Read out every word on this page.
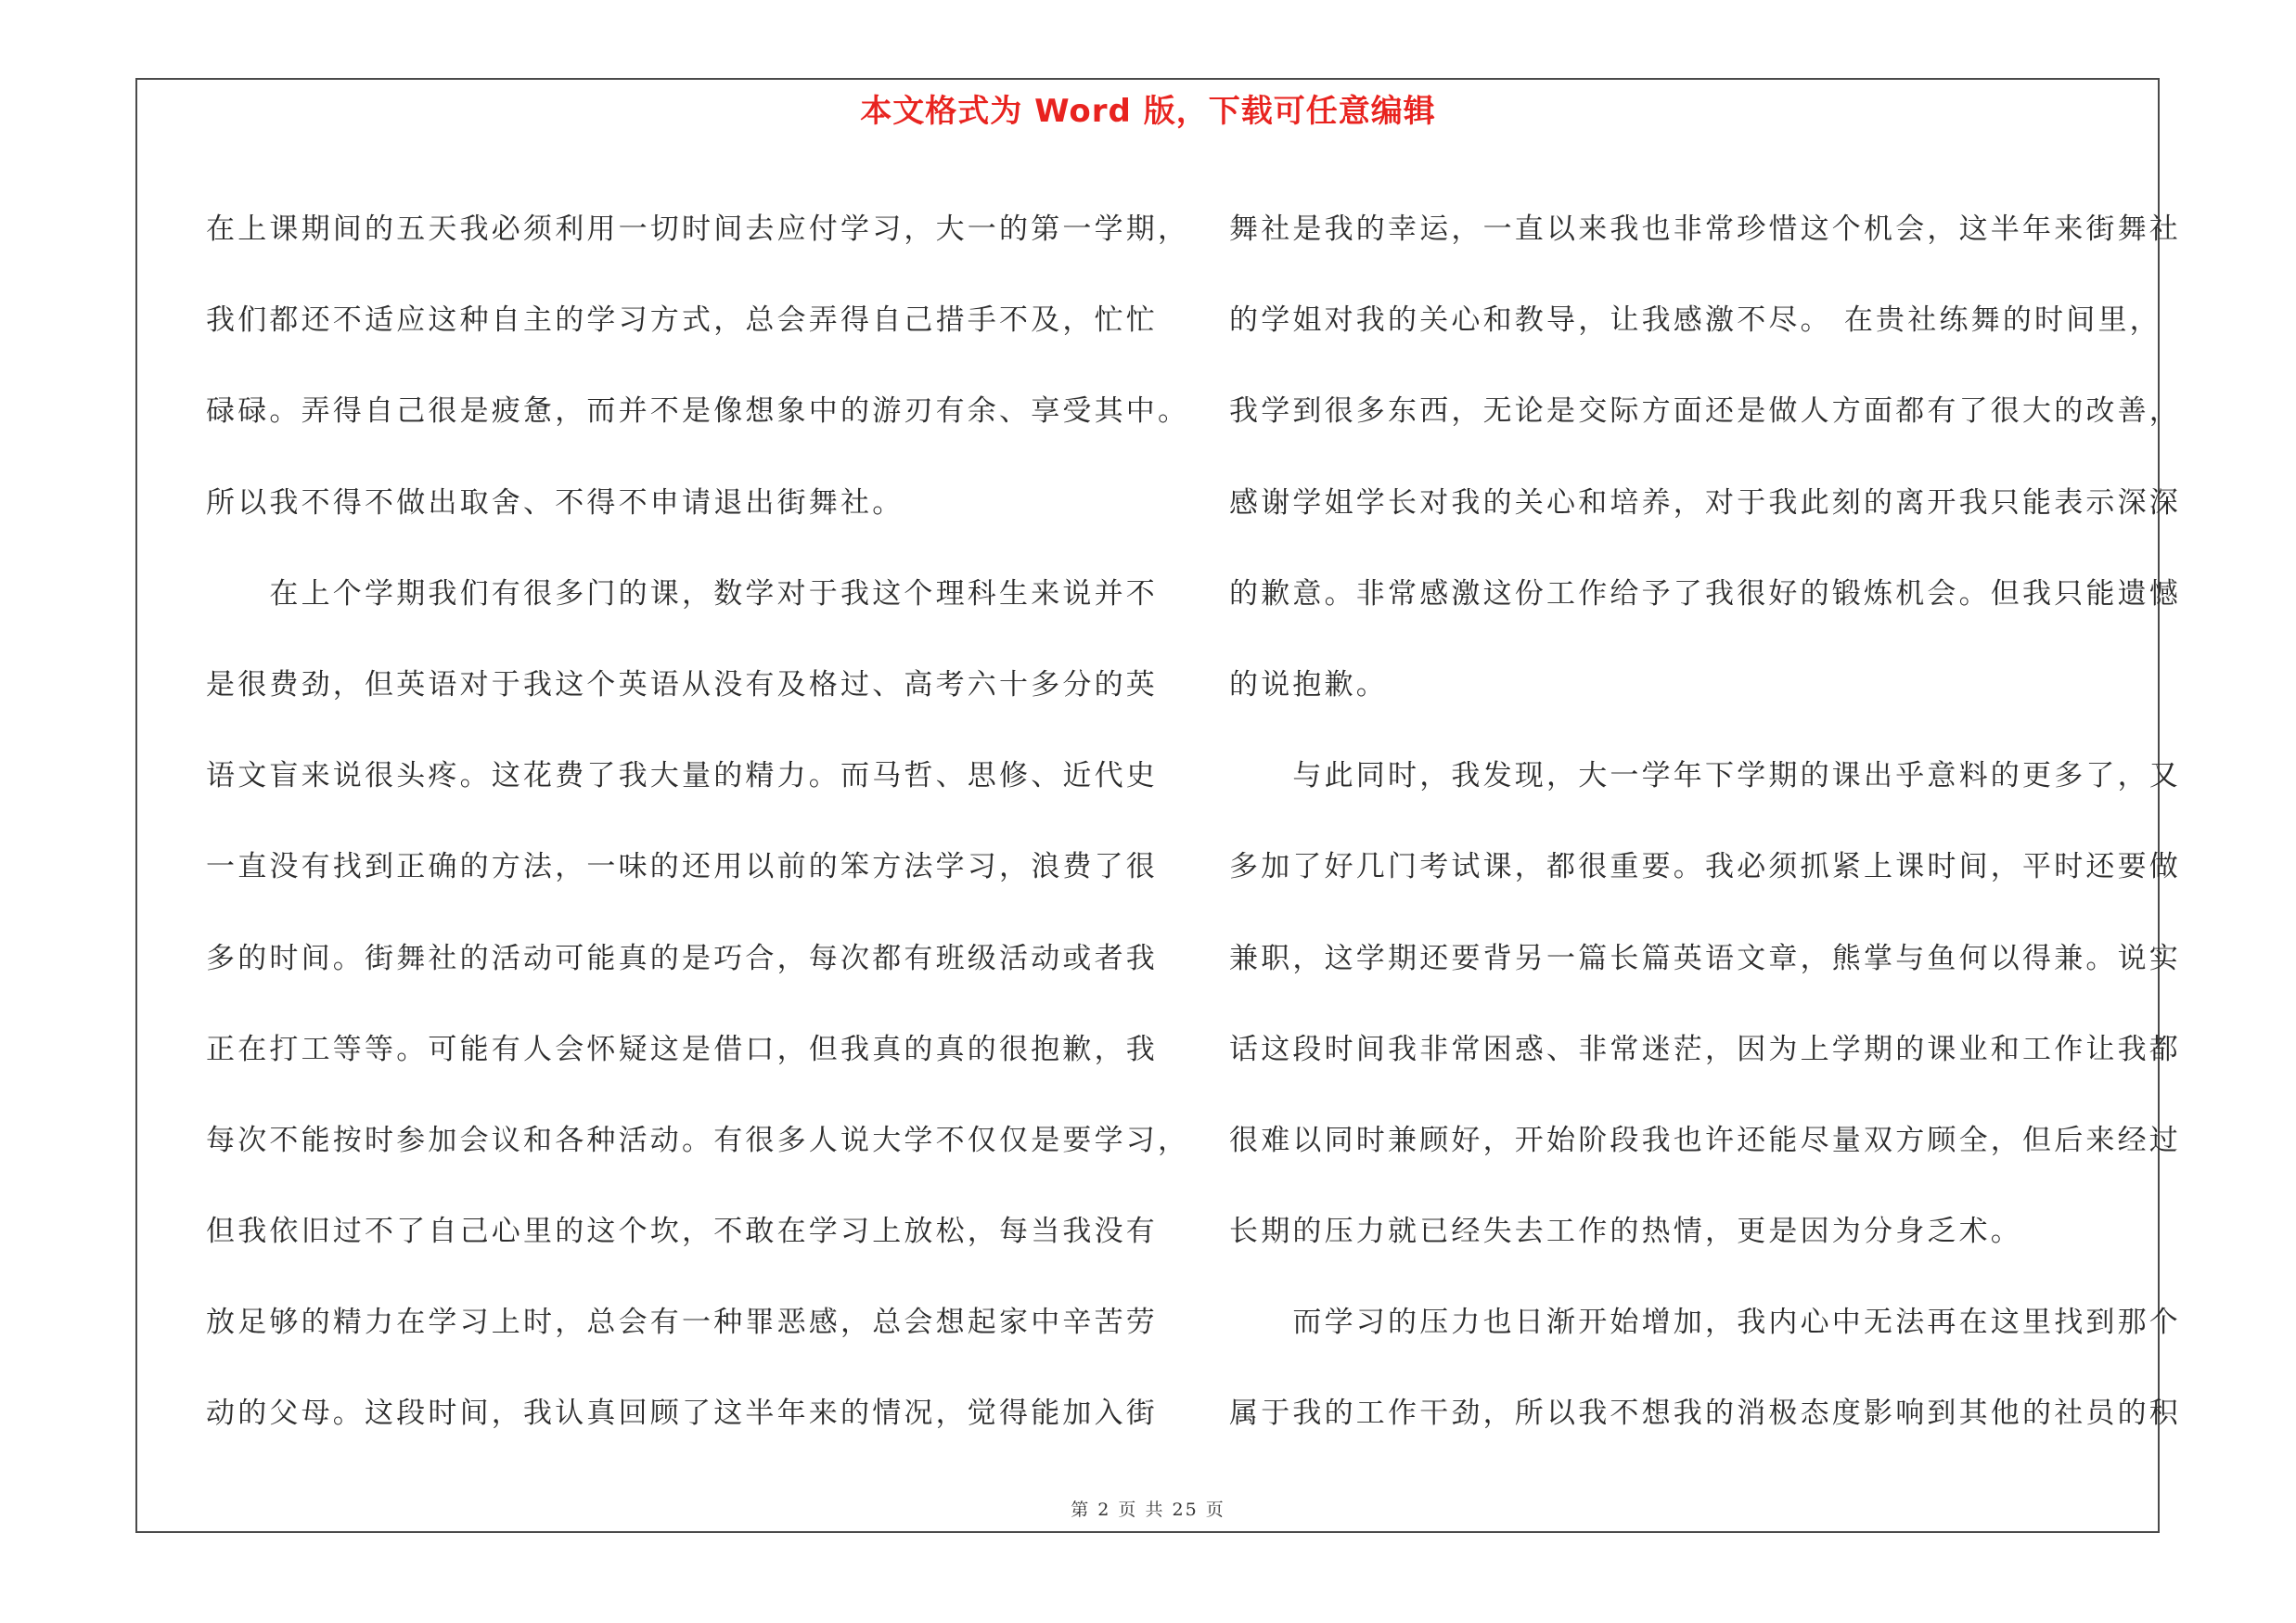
本文格式为 Word 版，下载可任意编辑
在上课期间的五天我必须利用一切时间去应付学习，大一的第一学期，
我们都还不适应这种自主的学习方式，总会弄得自己措手不及，忙忙
碌碌。弄得自己很是疲惫，而并不是像想象中的游刃有余、享受其中。
所以我不得不做出取舍、不得不申请退出街舞社。
　　在上个学期我们有很多门的课，数学对于我这个理科生来说并不
是很费劲，但英语对于我这个英语从没有及格过、高考六十多分的英
语文盲来说很头疼。这花费了我大量的精力。而马哲、思修、近代史
一直没有找到正确的方法，一味的还用以前的笨方法学习，浪费了很
多的时间。街舞社的活动可能真的是巧合，每次都有班级活动或者我
正在打工等等。可能有人会怀疑这是借口，但我真的真的很抱歉，我
每次不能按时参加会议和各种活动。有很多人说大学不仅仅是要学习，
但我依旧过不了自己心里的这个坎，不敢在学习上放松，每当我没有
放足够的精力在学习上时，总会有一种罪恶感，总会想起家中辛苦劳
动的父母。这段时间，我认真回顾了这半年来的情况，觉得能加入街
舞社是我的幸运，一直以来我也非常珍惜这个机会，这半年来街舞社
的学姐对我的关心和教导，让我感激不尽。 在贵社练舞的时间里，
我学到很多东西，无论是交际方面还是做人方面都有了很大的改善，
感谢学姐学长对我的关心和培养，对于我此刻的离开我只能表示深深
的歉意。非常感激这份工作给予了我很好的锻炼机会。但我只能遗憾
的说抱歉。
　　与此同时，我发现，大一学年下学期的课出乎意料的更多了，又
多加了好几门考试课，都很重要。我必须抓紧上课时间，平时还要做
兼职，这学期还要背另一篇长篇英语文章，熊掌与鱼何以得兼。说实
话这段时间我非常困惑、非常迷茫，因为上学期的课业和工作让我都
很难以同时兼顾好，开始阶段我也许还能尽量双方顾全，但后来经过
长期的压力就已经失去工作的热情，更是因为分身乏术。
　　而学习的压力也日渐开始增加，我内心中无法再在这里找到那个
属于我的工作干劲，所以我不想我的消极态度影响到其他的社员的积
第 2 页 共 25 页
